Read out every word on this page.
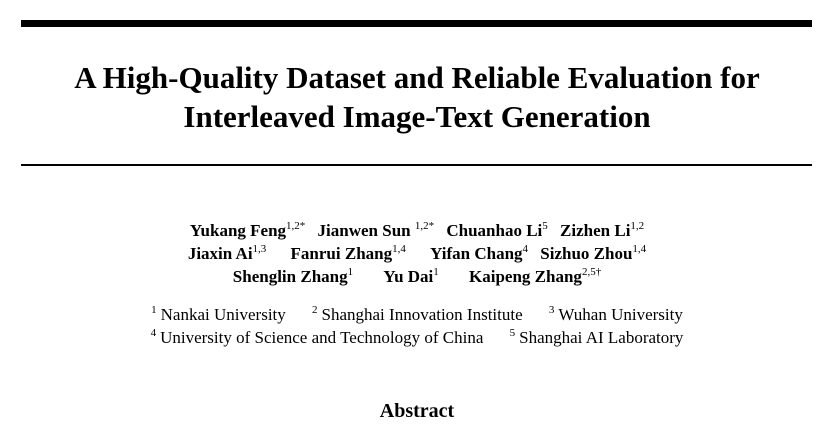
A High-Quality Dataset and Reliable Evaluation for
Interleaved Image-Text Generation
Yukang Feng$^{1,2*}$ Jianwen Sun $^{1,2*}$ Chuanhao Li$^5$ Zizhen Li$^{1,2}$
Jiaxin Ai$^{1,3}$ Fanrui Zhang$^{1,4}$ Yifan Chang$^4$ Sizhuo Zhou$^{1,4}$
Shenglin Zhang$^1$ Yu Dai$^1$ Kaipeng Zhang$^{2,5\dagger}$
$^1$ Nankai University $^2$ Shanghai Innovation Institute $^3$ Wuhan University
$^4$ University of Science and Technology of China $^5$ Shanghai AI Laboratory
Abstract
